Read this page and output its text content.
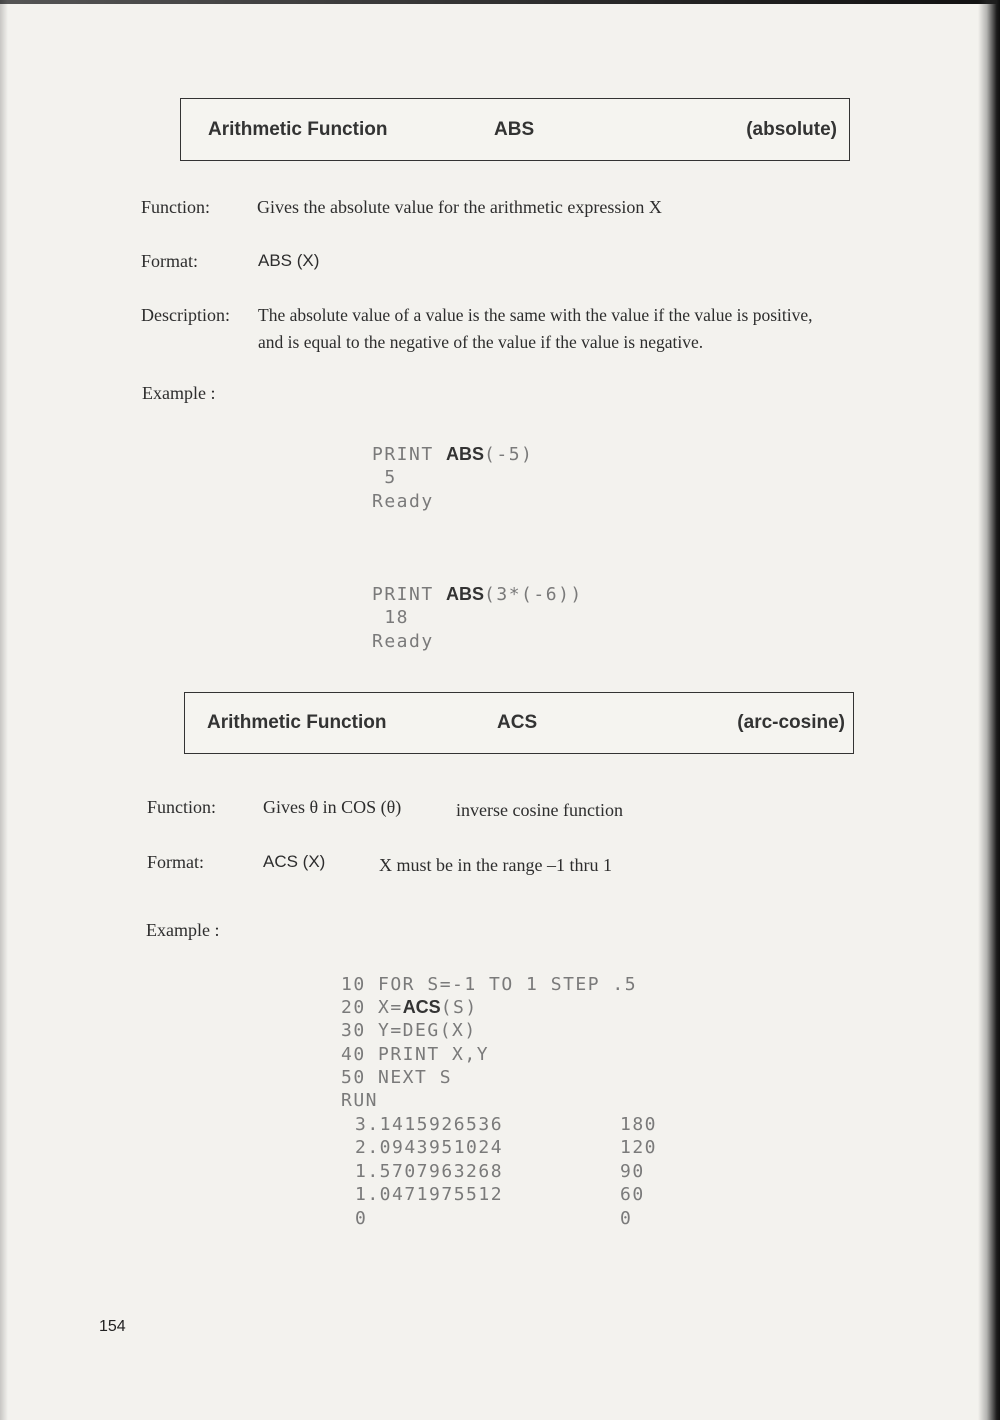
Arithmetic Function	ABS	(absolute)
Function:	Gives the absolute value for the arithmetic expression X
Format:	ABS (X)
Description: The absolute value of a value is the same with the value if the value is positive,
and is equal to the negative of the value if the value is negative.
Example :
PRINT ABS(-5)
5
Ready
PRINT ABS(3*(-6))
18
Ready
Arithmetic Function	ACS	(arc-cosine)
Function:	Gives θ in COS (θ)	inverse cosine function
Format:	ACS (X)	X must be in the range –1 thru 1
Example :
10 FOR S=-1 TO 1 STEP .5
20 X=ACS(S)
30 Y=DEG(X)
40 PRINT X,Y
50 NEXT S
RUN
3.1415926536	180
2.0943951024	120
1.5707963268	90
1.0471975512	60
0	0
154
